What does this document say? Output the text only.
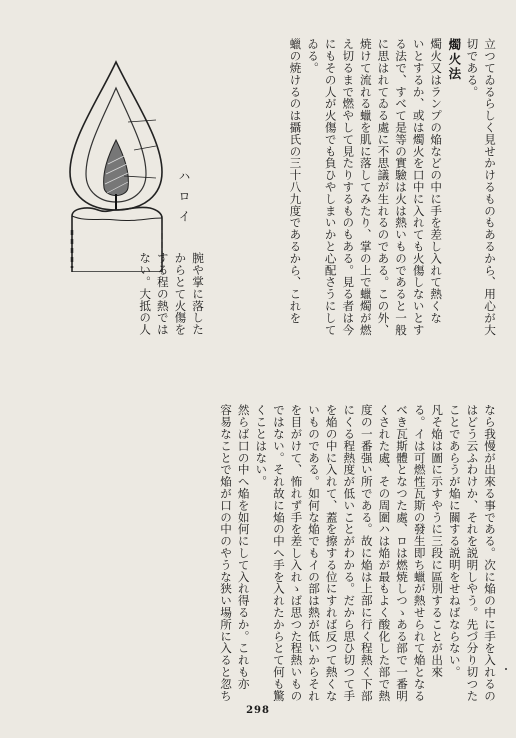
立つてゐるらしく見せかけるものもあるから、用心が大
切である。
燭火法
燭火又はランプの焔などの中に手を差し入れて熱くな
いとするか、或は燭火を口中に入れても火傷しないとす
る法で、すべて是等の實驗は火は熱いものであると一般
に思はれてゐる處に不思議が生れるのである。この外、
焼けて流れる蠟を肌に落してみたり、掌の上で蠟燭が燃
え切るまで燃やして見たりするものもある。見る者は今
にもその人が火傷でも負ひやしまいかと心配さうにして
ゐる。
蠟の焼けるのは攝氏の三十八九度であるから、これを
ハロイ
腕や掌に落した
からとて火傷を
する程の熱では
ない。大抵の人
なら我慢が出來る事である。次に焔の中に手を入れるの
はどう云ふわけか、それを説明しやう。先づ分り切つた
ことであらうが焔に關する説明をせねばならない。
凡そ焔は圖に示すやうに三段に區別することが出來
る。イは可燃性瓦斯の發生即ち蠟が熱せられて焔となる
べき瓦斯體となつた處、ロは燃焼しつゝある部で一番明
くされた處、その周圍ハは焔が最もよく酸化した部で熱
度の一番强い所である。故に焔は上部に行く程熱く下部
にくる程熱度が低いことがわかる。だから思ひ切つて手
を焔の中に入れて、蓋を擦する位にすれば反つて熱くな
いものである。如何な焔でもイの部は熱が低いからそれ
を目がけて、怖れず手を差し入れゝば思つた程熱いもの
ではない。それ故に焔の中へ手を入れたからとて何も驚
くことはない。
然らば口の中へ焔を如何にして入れ得るか。これも亦
容易なことで焔が口の中のやうな狭い場所に入ると忽ち
298
